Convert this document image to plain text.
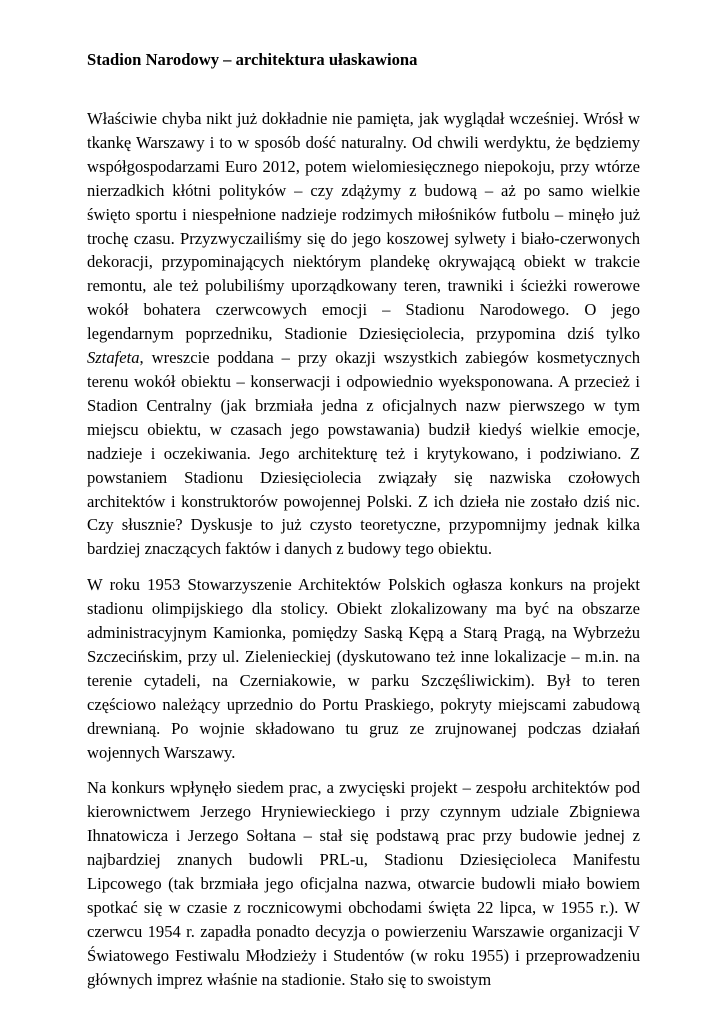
Stadion Narodowy – architektura ułaskawiona

Właściwie chyba nikt już dokładnie nie pamięta, jak wyglądał wcześniej. Wrósł w tkankę Warszawy i to w sposób dość naturalny. Od chwili werdyktu, że będziemy współgospodarzami Euro 2012, potem wielomiesięcznego niepokoju, przy wtórze nierzadkich kłótni polityków – czy zdążymy z budową – aż po samo wielkie święto sportu i niespełnione nadzieje rodzimych miłośników futbolu – minęło już trochę czasu. Przyzwyczailiśmy się do jego koszowej sylwety i biało-czerwonych dekoracji, przypominających niektórym plandekę okrywającą obiekt w trakcie remontu, ale też polubiliśmy uporządkowany teren, trawniki i ścieżki rowerowe wokół bohatera czerwcowych emocji – Stadionu Narodowego. O jego legendarnym poprzedniku, Stadionie Dziesięciolecia, przypomina dziś tylko Sztafeta, wreszcie poddana – przy okazji wszystkich zabiegów kosmetycznych terenu wokół obiektu – konserwacji i odpowiednio wyeksponowana. A przecież i Stadion Centralny (jak brzmiała jedna z oficjalnych nazw pierwszego w tym miejscu obiektu, w czasach jego powstawania) budził kiedyś wielkie emocje, nadzieje i oczekiwania. Jego architekturę też i krytykowano, i podziwiano. Z powstaniem Stadionu Dziesięciolecia związały się nazwiska czołowych architektów i konstruktorów powojennej Polski. Z ich dzieła nie zostało dziś nic. Czy słusznie? Dyskusje to już czysto teoretyczne, przypomnijmy jednak kilka bardziej znaczących faktów i danych z budowy tego obiektu.

W roku 1953 Stowarzyszenie Architektów Polskich ogłasza konkurs na projekt stadionu olimpijskiego dla stolicy. Obiekt zlokalizowany ma być na obszarze administracyjnym Kamionka, pomiędzy Saską Kępą a Starą Pragą, na Wybrzeżu Szczecińskim, przy ul. Zielenieckiej (dyskutowano też inne lokalizacje – m.in. na terenie cytadeli, na Czerniakowie, w parku Szczęśliwickim). Był to teren częściowo należący uprzednio do Portu Praskiego, pokryty miejscami zabudową drewnianą. Po wojnie składowano tu gruz ze zrujnowanej podczas działań wojennych Warszawy.

Na konkurs wpłynęło siedem prac, a zwycięski projekt – zespołu architektów pod kierownictwem Jerzego Hryniewieckiego i przy czynnym udziale Zbigniewa Ihnatowicza i Jerzego Sołtana – stał się podstawą prac przy budowie jednej z najbardziej znanych budowli PRL-u, Stadionu Dziesięcioleca Manifestu Lipcowego (tak brzmiała jego oficjalna nazwa, otwarcie budowli miało bowiem spotkać się w czasie z rocznicowymi obchodami święta 22 lipca, w 1955 r.). W czerwcu 1954 r. zapadła ponadto decyzja o powierzeniu Warszawie organizacji V Światowego Festiwalu Młodzieży i Studentów (w roku 1955) i przeprowadzeniu głównych imprez właśnie na stadionie. Stało się to swoistym
